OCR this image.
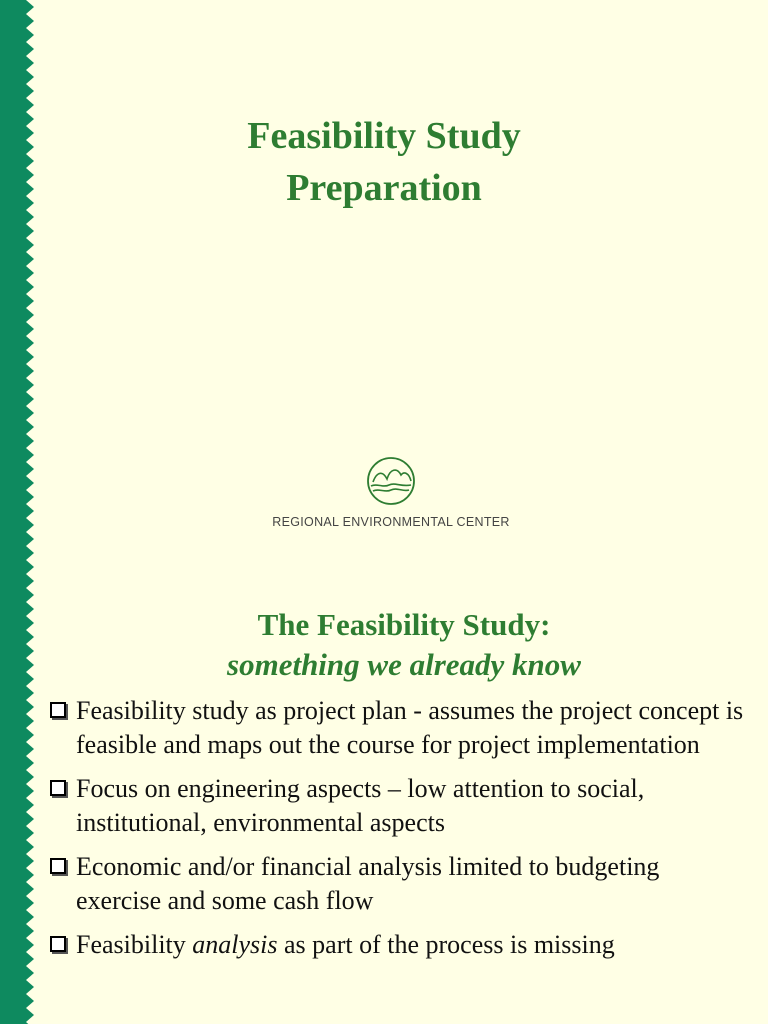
Feasibility Study
Preparation
REGIONAL ENVIRONMENTAL CENTER
The Feasibility Study:
something we already know
Feasibility study as project plan - assumes the project concept is feasible and maps out the course for project implementation
Focus on engineering aspects – low attention to social, institutional, environmental aspects
Economic and/or financial analysis limited to budgeting exercise and some cash flow
Feasibility analysis as part of the process is missing
